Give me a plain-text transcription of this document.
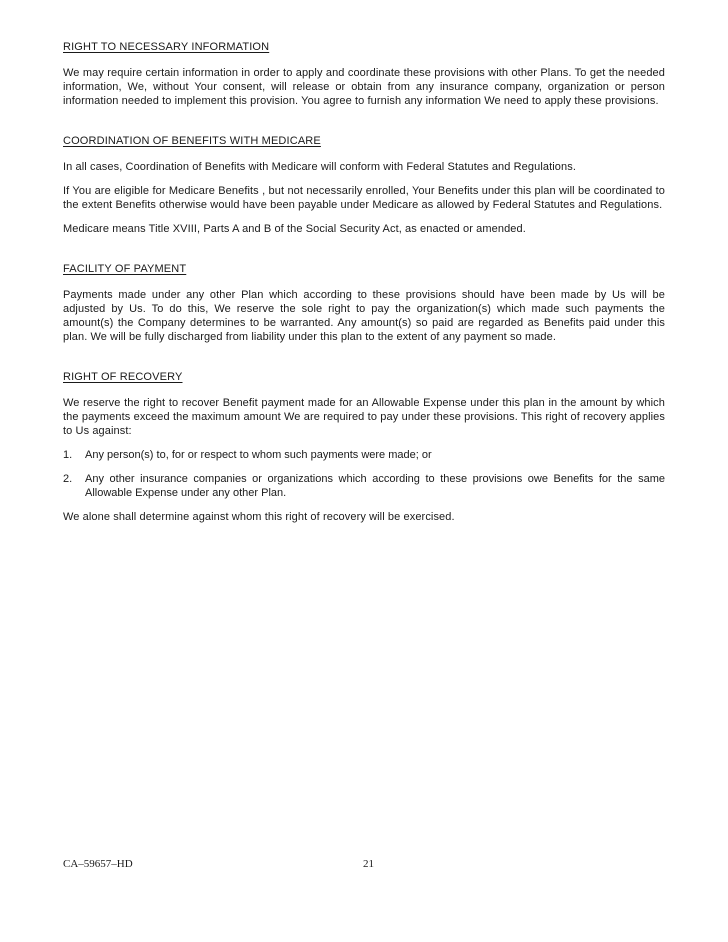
RIGHT TO NECESSARY INFORMATION

We may require certain information in order to apply and coordinate these provisions with other Plans. To get the needed information, We, without Your consent, will release or obtain from any insurance company, organization or person information needed to implement this provision. You agree to furnish any information We need to apply these provisions.

COORDINATION OF BENEFITS WITH MEDICARE

In all cases, Coordination of Benefits with Medicare will conform with Federal Statutes and Regulations.

If You are eligible for Medicare Benefits , but not necessarily enrolled, Your Benefits under this plan will be coordinated to the extent Benefits otherwise would have been payable under Medicare as allowed by Federal Statutes and Regulations.

Medicare means Title XVIII, Parts A and B of the Social Security Act, as enacted or amended.

FACILITY OF PAYMENT

Payments made under any other Plan which according to these provisions should have been made by Us will be adjusted by Us. To do this, We reserve the sole right to pay the organization(s) which made such payments the amount(s) the Company determines to be warranted. Any amount(s) so paid are regarded as Benefits paid under this plan. We will be fully discharged from liability under this plan to the extent of any payment so made.

RIGHT OF RECOVERY

We reserve the right to recover Benefit payment made for an Allowable Expense under this plan in the amount by which the payments exceed the maximum amount We are required to pay under these provisions. This right of recovery applies to Us against:

1.	Any person(s) to, for or respect to whom such payments were made; or
2.	Any other insurance companies or organizations which according to these provisions owe Benefits for the same Allowable Expense under any other Plan.

We alone shall determine against whom this right of recovery will be exercised.

CA–59657–HD	21
